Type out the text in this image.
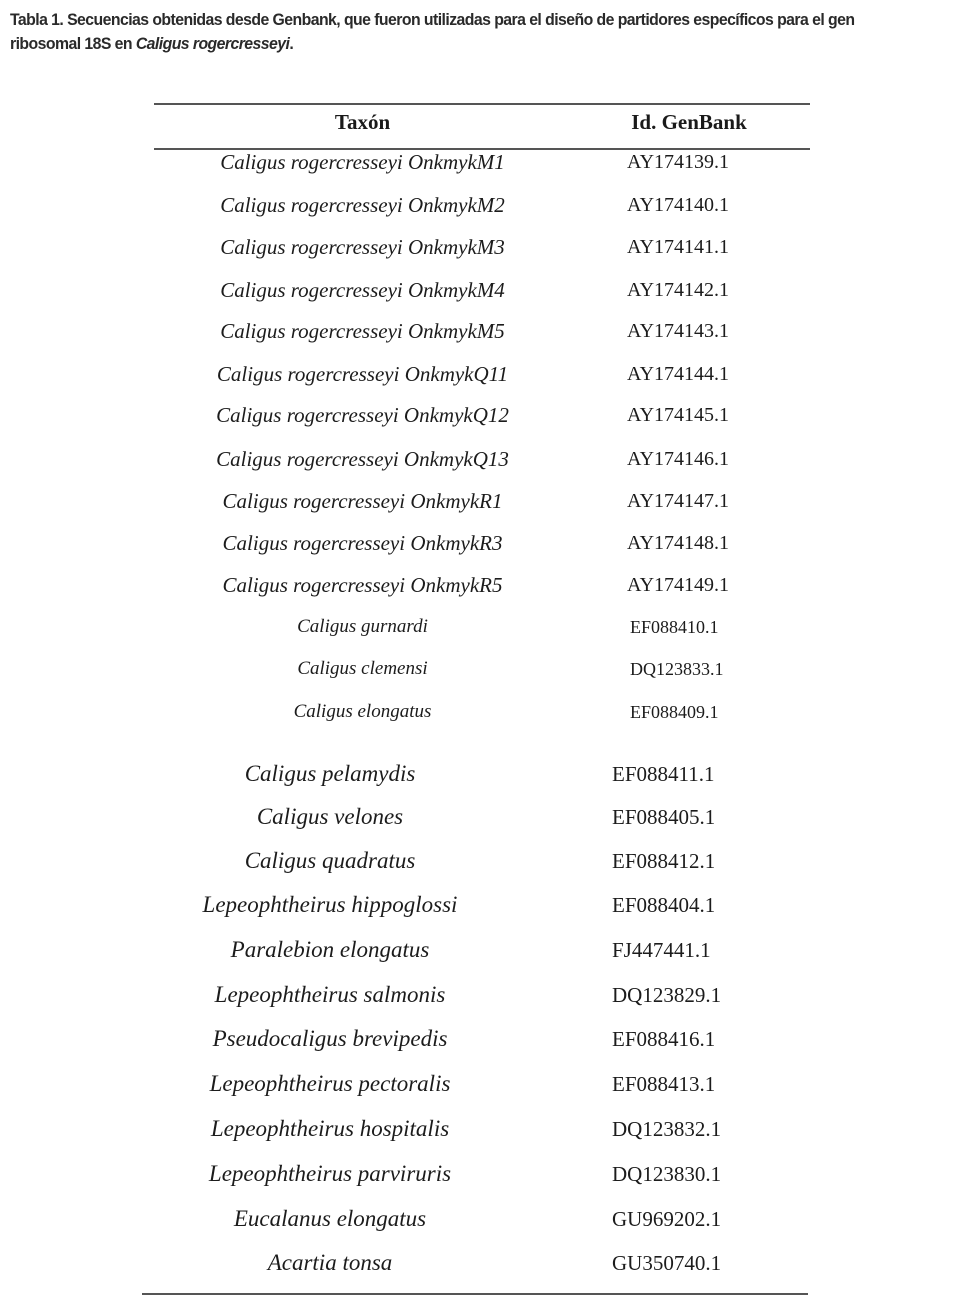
Tabla 1. Secuencias obtenidas desde Genbank, que fueron utilizadas para el diseño de partidores específicos para el gen ribosomal 18S en Caligus rogercresseyi.
Taxón	Id. GenBank
Caligus rogercresseyi OnkmykM1	AY174139.1
Caligus rogercresseyi OnkmykM2	AY174140.1
Caligus rogercresseyi OnkmykM3	AY174141.1
Caligus rogercresseyi OnkmykM4	AY174142.1
Caligus rogercresseyi OnkmykM5	AY174143.1
Caligus rogercresseyi OnkmykQ11	AY174144.1
Caligus rogercresseyi OnkmykQ12	AY174145.1
Caligus rogercresseyi OnkmykQ13	AY174146.1
Caligus rogercresseyi OnkmykR1	AY174147.1
Caligus rogercresseyi OnkmykR3	AY174148.1
Caligus rogercresseyi OnkmykR5	AY174149.1
Caligus gurnardi	EF088410.1
Caligus clemensi	DQ123833.1
Caligus elongatus	EF088409.1
Caligus pelamydis	EF088411.1
Caligus velones	EF088405.1
Caligus quadratus	EF088412.1
Lepeophtheirus hippoglossi	EF088404.1
Paralebion elongatus	FJ447441.1
Lepeophtheirus salmonis	DQ123829.1
Pseudocaligus brevipedis	EF088416.1
Lepeophtheirus pectoralis	EF088413.1
Lepeophtheirus hospitalis	DQ123832.1
Lepeophtheirus parviruris	DQ123830.1
Eucalanus elongatus	GU969202.1
Acartia tonsa	GU350740.1
